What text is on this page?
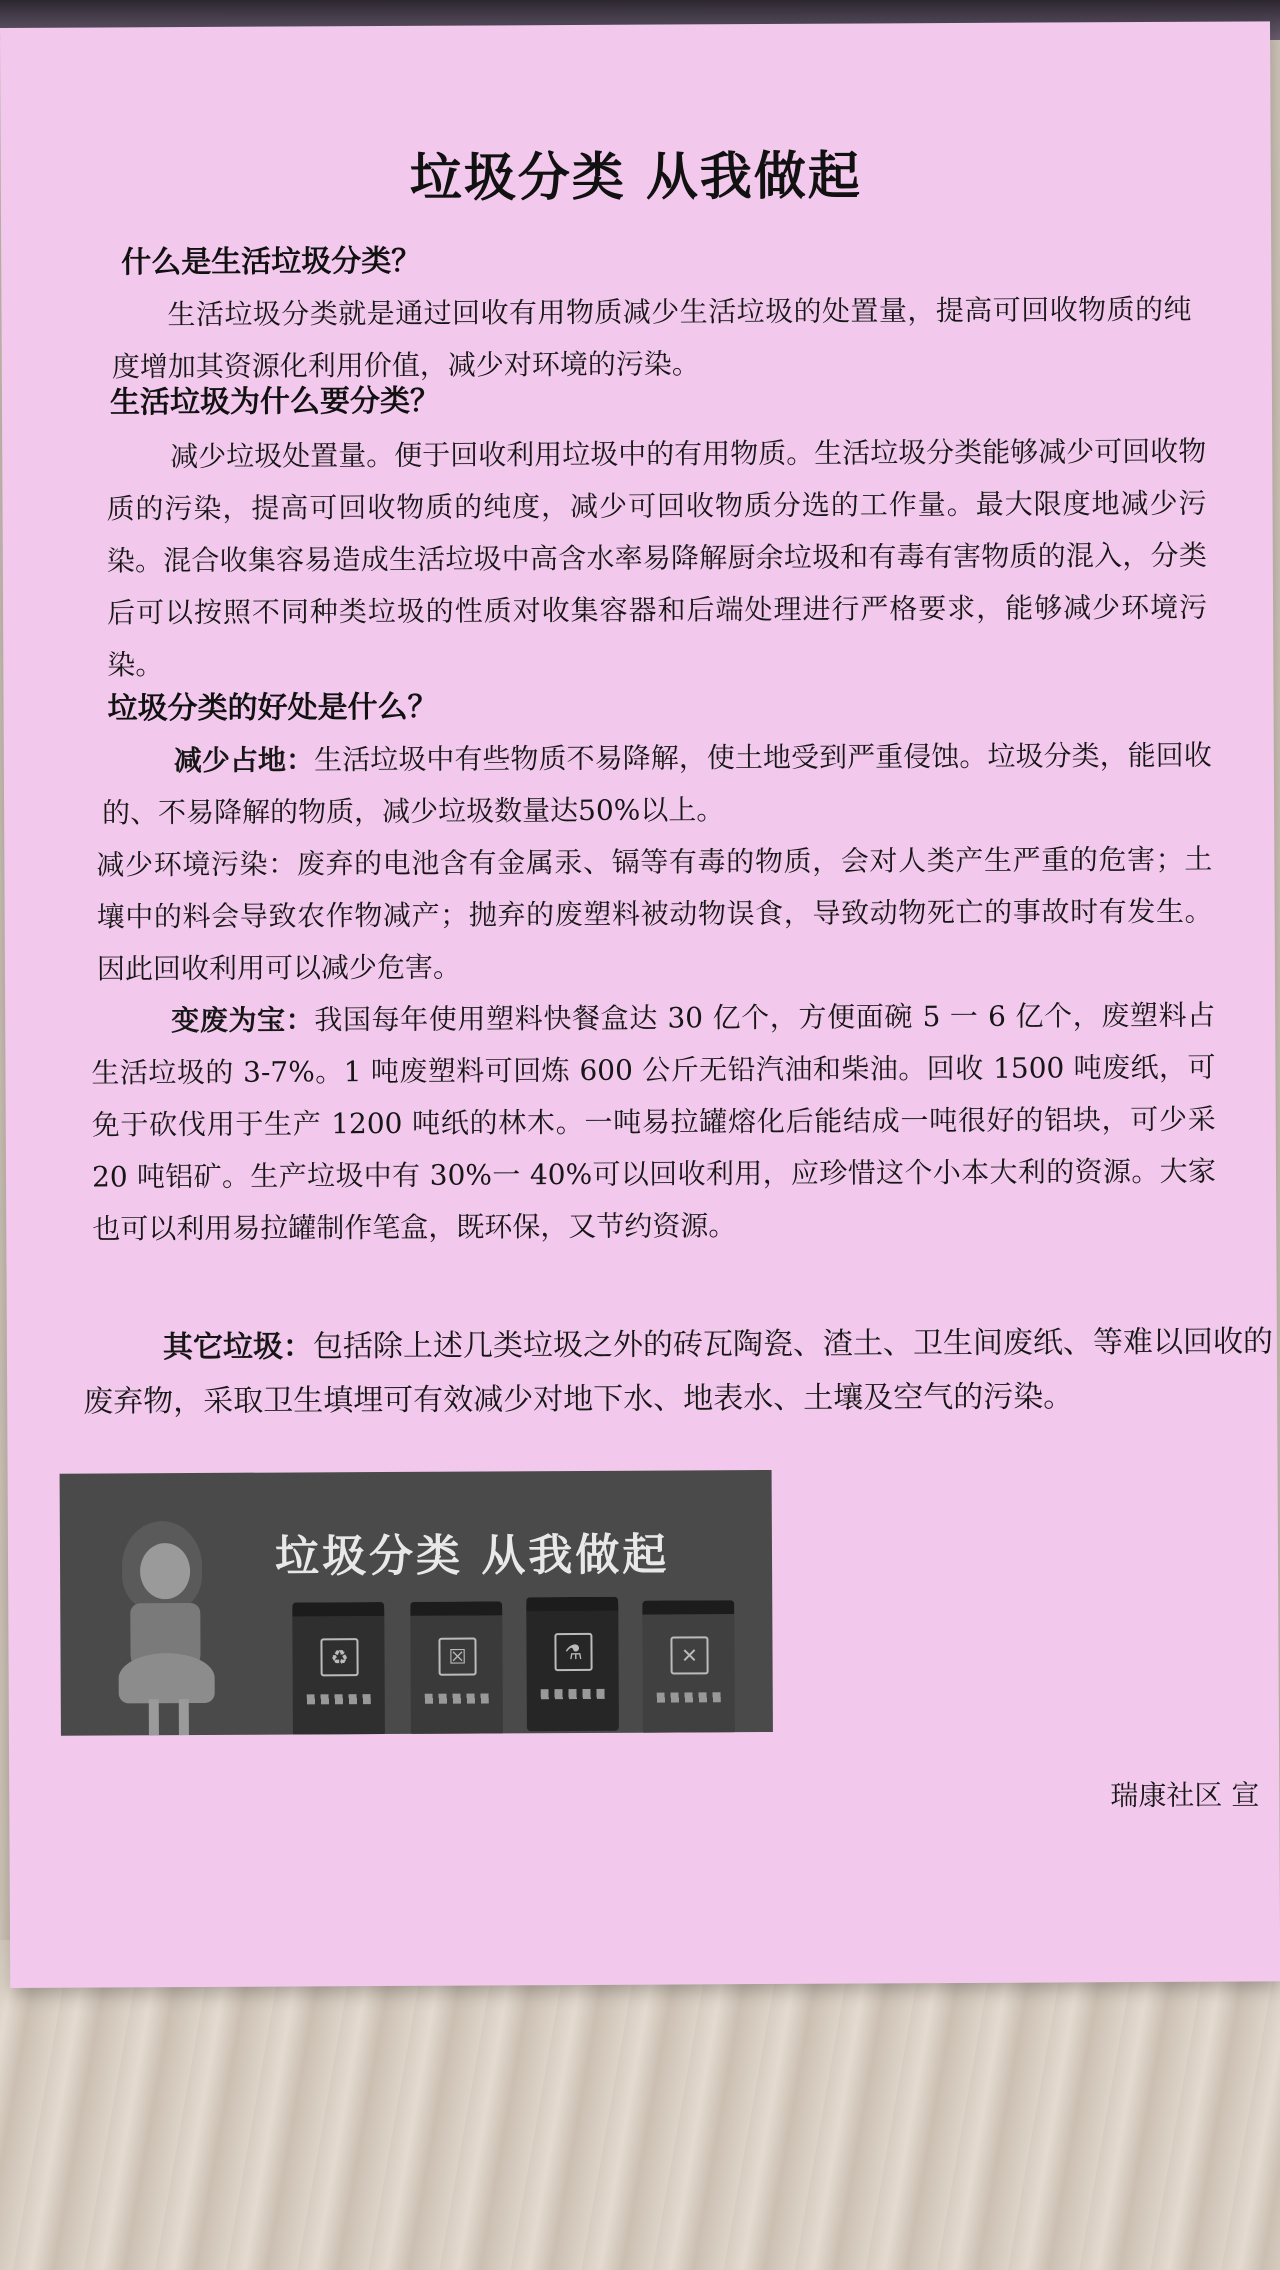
垃圾分类 从我做起
什么是生活垃圾分类？
生活垃圾分类就是通过回收有用物质减少生活垃圾的处置量，提高可回收物质的纯度增加其资源化利用价值，减少对环境的污染。
生活垃圾为什么要分类？
减少垃圾处置量。便于回收利用垃圾中的有用物质。生活垃圾分类能够减少可回收物质的污染，提高可回收物质的纯度，减少可回收物质分选的工作量。最大限度地减少污染。混合收集容易造成生活垃圾中高含水率易降解厨余垃圾和有毒有害物质的混入，分类后可以按照不同种类垃圾的性质对收集容器和后端处理进行严格要求，能够减少环境污染。
垃圾分类的好处是什么？
减少占地：生活垃圾中有些物质不易降解，使土地受到严重侵蚀。垃圾分类，能回收的、不易降解的物质，减少垃圾数量达50%以上。
减少环境污染：废弃的电池含有金属汞、镉等有毒的物质，会对人类产生严重的危害；土壤中的料会导致农作物减产；抛弃的废塑料被动物误食，导致动物死亡的事故时有发生。因此回收利用可以减少危害。
变废为宝：我国每年使用塑料快餐盒达 30 亿个，方便面碗 5 一 6 亿个，废塑料占生活垃圾的 3-7%。1 吨废塑料可回炼 600 公斤无铅汽油和柴油。回收 1500 吨废纸，可免于砍伐用于生产 1200 吨纸的林木。一吨易拉罐熔化后能结成一吨很好的铝块，可少采 20 吨铝矿。生产垃圾中有 30%一 40%可以回收利用，应珍惜这个小本大利的资源。大家也可以利用易拉罐制作笔盒，既环保，又节约资源。
其它垃圾：包括除上述几类垃圾之外的砖瓦陶瓷、渣土、卫生间废纸、等难以回收的废弃物，采取卫生填埋可有效减少对地下水、地表水、土壤及空气的污染。
垃圾分类 从我做起
♻	☒	⚗	✕
瑞康社区 宣
